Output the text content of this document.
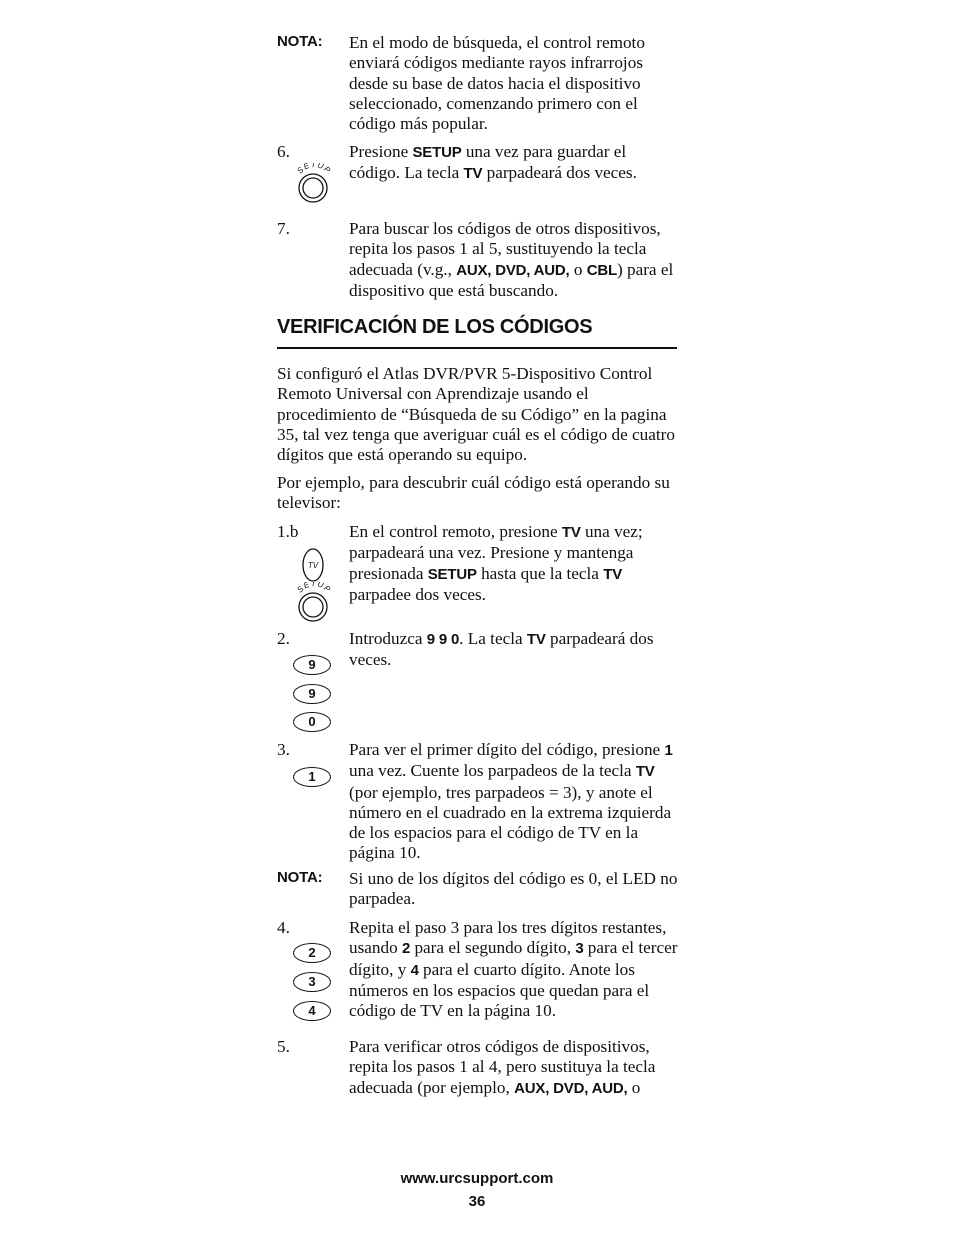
NOTA: En el modo de búsqueda, el control remoto enviará códigos mediante rayos infrarrojos desde su base de datos hacia el dispositivo seleccionado, comenzando primero con el código más popular.
6.	Presione SETUP una vez para guardar el código. La tecla TV parpadeará dos veces.
SETUP
7.	Para buscar los códigos de otros dispositivos, repita los pasos 1 al 5, sustituyendo la tecla adecuada (v.g., AUX, DVD, AUD, o CBL) para el dispositivo que está buscando.
VERIFICACIÓN DE LOS CÓDIGOS
Si configuró el Atlas DVR/PVR 5-Dispositivo Control Remoto Universal con Aprendizaje usando el procedimiento de “Búsqueda de su Código” en la pagina 35, tal vez tenga que averiguar cuál es el código de cuatro dígitos que está operando su equipo.
Por ejemplo, para descubrir cuál código está operando su televisor:
1.b	En el control remoto, presione TV una vez; parpadeará una vez. Presione y mantenga presionada SETUP hasta que la tecla TV parpadee dos veces.
TV
SETUP
2.	Introduzca 9 9 0. La tecla TV parpadeará dos veces.
9
9
0
3.	Para ver el primer dígito del código, presione 1 una vez. Cuente los parpadeos de la tecla TV (por ejemplo, tres parpadeos = 3), y anote el número en el cuadrado en la extrema izquierda de los espacios para el código de TV en la página 10.
1
NOTA: Si uno de los dígitos del código es 0, el LED no parpadea.
4.	Repita el paso 3 para los tres dígitos restantes, usando 2 para el segundo dígito, 3 para el tercer dígito, y 4 para el cuarto dígito. Anote los números en los espacios que quedan para el código de TV en la página 10.
2
3
4
5.	Para verificar otros códigos de dispositivos, repita los pasos 1 al 4, pero sustituya la tecla adecuada (por ejemplo, AUX, DVD, AUD, o
www.urcsupport.com
36
